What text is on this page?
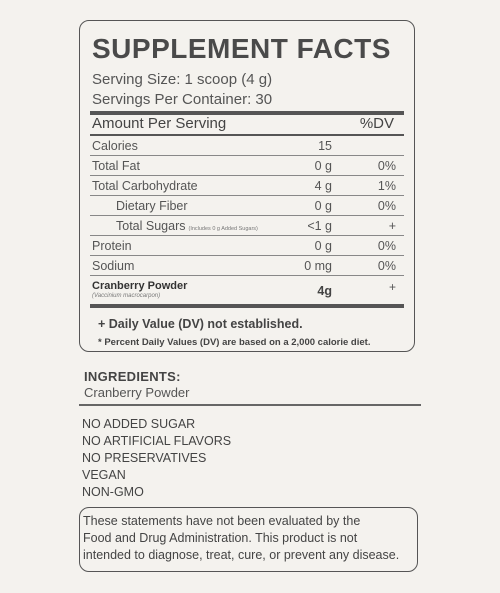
SUPPLEMENT FACTS
Serving Size: 1 scoop (4 g)
Servings Per Container: 30
Amount Per Serving	%DV
Calories	15
Total Fat	0 g	0%
Total Carbohydrate	4 g	1%
Dietary Fiber	0 g	0%
Total Sugars (Includes 0 g Added Sugars)	<1 g	+
Protein	0 g	0%
Sodium	0 mg	0%
Cranberry Powder
(Vaccinium macrocarpon)	4g	+
+ Daily Value (DV) not established.
* Percent Daily Values (DV) are based on a 2,000 calorie diet.
INGREDIENTS:
Cranberry Powder
NO ADDED SUGAR
NO ARTIFICIAL FLAVORS
NO PRESERVATIVES
VEGAN
NON-GMO
These statements have not been evaluated by the
Food and Drug Administration. This product is not
intended to diagnose, treat, cure, or prevent any disease.
